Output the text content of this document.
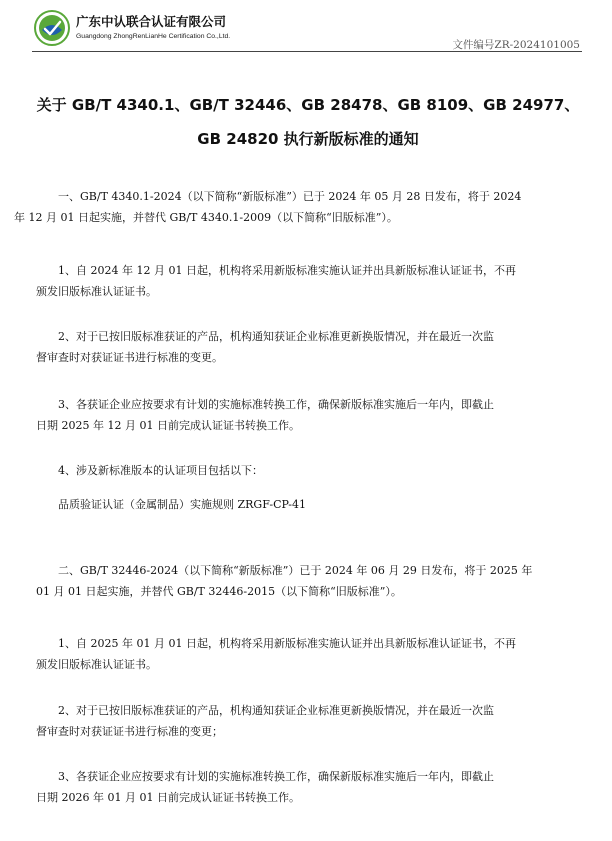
广东中认联合认证有限公司
Guangdong ZhongRenLianHe Certification Co.,Ltd.
文件编号ZR-2024101005
关于 GB/T 4340.1、GB/T 32446、GB 28478、GB 8109、GB 24977、
GB 24820 执行新版标准的通知

一、GB/T 4340.1-2024（以下简称“新版标准”）已于 2024 年 05 月 28 日发布，将于 2024
年 12 月 01 日起实施，并替代 GB/T 4340.1-2009（以下简称“旧版标准”）。

1、自 2024 年 12 月 01 日起，机构将采用新版标准实施认证并出具新版标准认证证书，不再
颁发旧版标准认证证书。

2、对于已按旧版标准获证的产品，机构通知获证企业标准更新换版情况，并在最近一次监
督审查时对获证证书进行标准的变更。

3、各获证企业应按要求有计划的实施标准转换工作，确保新版标准实施后一年内，即截止
日期 2025 年 12 月 01 日前完成认证证书转换工作。

4、涉及新标准版本的认证项目包括以下：

品质验证认证（金属制品）实施规则 ZRGF-CP-41

二、GB/T 32446-2024（以下简称“新版标准”）已于 2024 年 06 月 29 日发布，将于 2025 年
01 月 01 日起实施，并替代 GB/T 32446-2015（以下简称“旧版标准”）。

1、自 2025 年 01 月 01 日起，机构将采用新版标准实施认证并出具新版标准认证证书，不再
颁发旧版标准认证证书。

2、对于已按旧版标准获证的产品，机构通知获证企业标准更新换版情况，并在最近一次监
督审查时对获证证书进行标准的变更；

3、各获证企业应按要求有计划的实施标准转换工作，确保新版标准实施后一年内，即截止
日期 2026 年 01 月 01 日前完成认证证书转换工作。
